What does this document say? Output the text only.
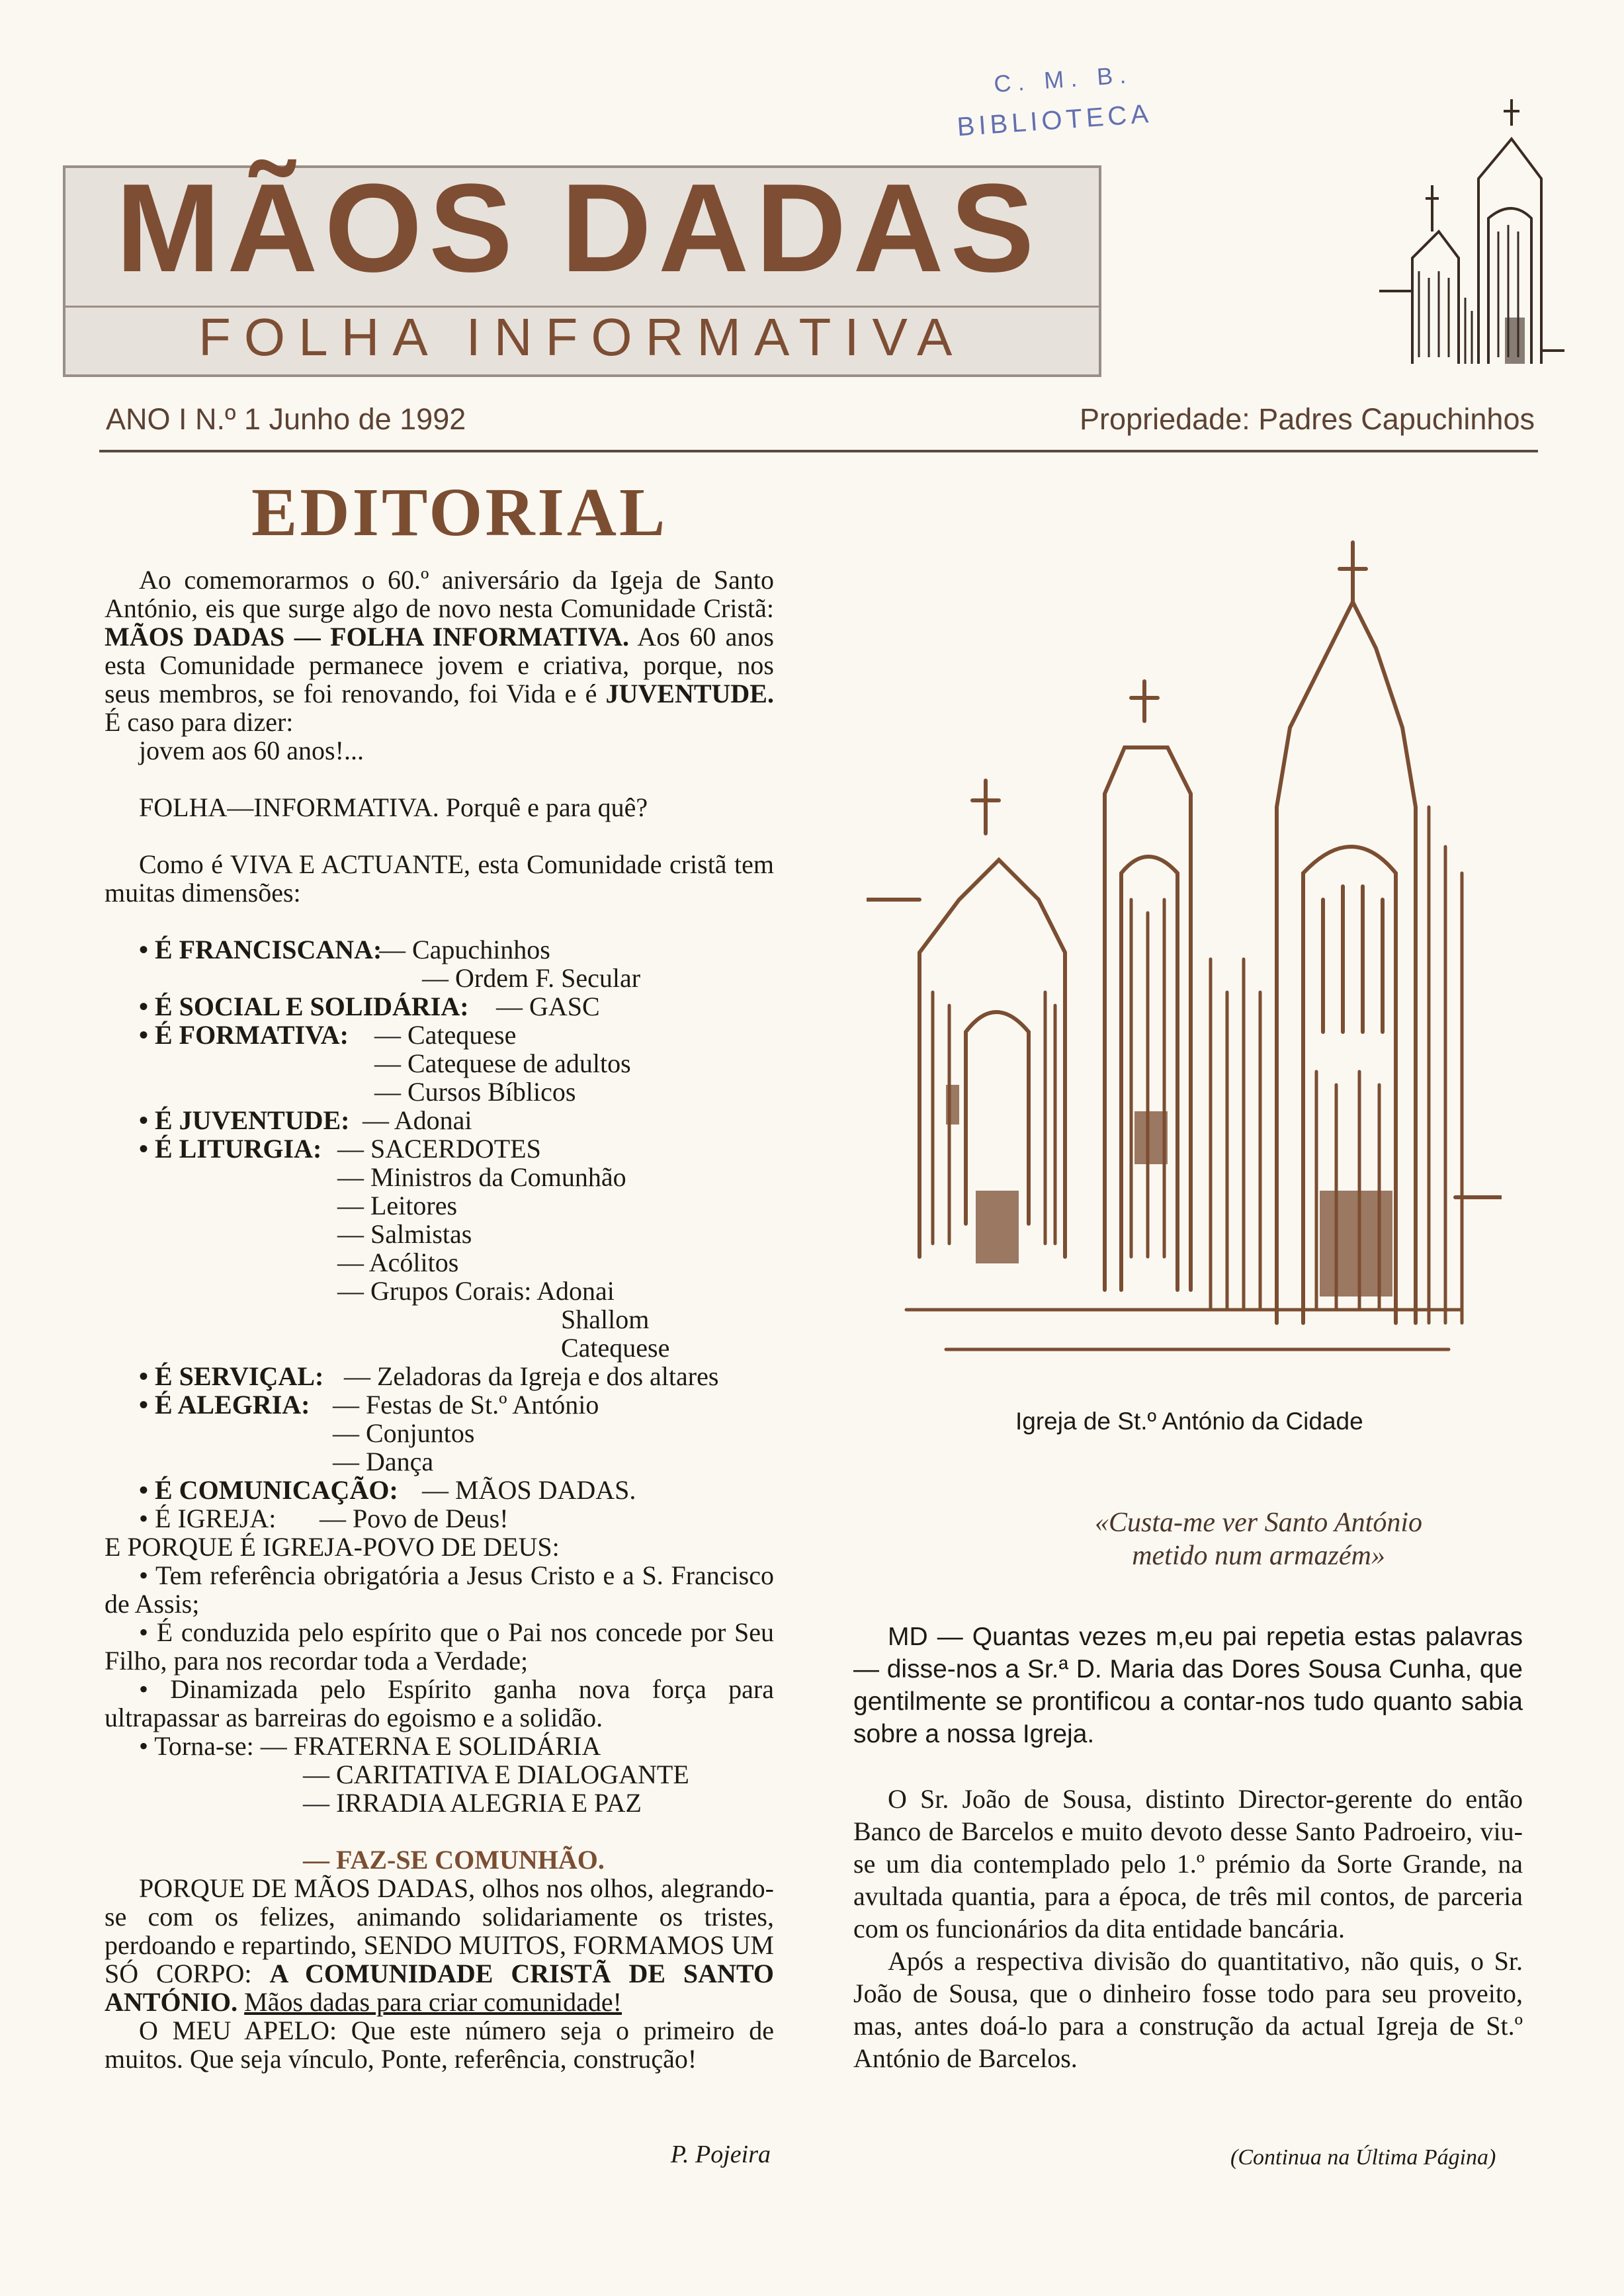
C. M. B.
BIBLIOTECA
MÃOS DADAS
FOLHA INFORMATIVA
ANO I N.º 1 Junho de 1992	Propriedade: Padres Capuchinhos
EDITORIAL

Ao comemorarmos o 60.º aniversário da Igeja de Santo António, eis que surge algo de novo nesta Comunidade Cristã: MÃOS DADAS — FOLHA INFORMATIVA. Aos 60 anos esta Comunidade permanece jovem e criativa, porque, nos seus membros, se foi renovando, foi Vida e é JUVENTUDE. É caso para dizer:

jovem aos 60 anos!...

FOLHA—INFORMATIVA. Porquê e para quê?

Como é VIVA E ACTUANTE, esta Comunidade cristã tem muitas dimensões:

• É FRANCISCANA:
— Capuchinhos
— Ordem F. Secular
• É SOCIAL E SOLIDÁRIA: — GASC
• É FORMATIVA: — Catequese
— Catequese de adultos
— Cursos Bíblicos
• É JUVENTUDE: — Adonai
• É LITURGIA: — SACERDOTES
— Ministros da Comunhão
— Leitores
— Salmistas
— Acólitos
— Grupos Corais: Adonai
Shallom
Catequese
• É SERVIÇAL: — Zeladoras da Igreja e dos altares
• É ALEGRIA: — Festas de St.º António
— Conjuntos
— Dança
• É COMUNICAÇÃO: — MÃOS DADAS.
• É IGREJA: — Povo de Deus!

E PORQUE É IGREJA-POVO DE DEUS:

• Tem referência obrigatória a Jesus Cristo e a S. Francisco de Assis;

• É conduzida pelo espírito que o Pai nos concede por Seu Filho, para nos recordar toda a Verdade;

• Dinamizada pelo Espírito ganha nova força para ultrapassar as barreiras do egoismo e a solidão.

• Torna-se: — FRATERNA E SOLIDÁRIA
— CARITATIVA E DIALOGANTE
— IRRADIA ALEGRIA E PAZ

— FAZ-SE COMUNHÃO.

PORQUE DE MÃOS DADAS, olhos nos olhos, alegrando-se com os felizes, animando solidariamente os tristes, perdoando e repartindo, SENDO MUITOS, FORMAMOS UM SÓ CORPO: A COMUNIDADE CRISTÃ DE SANTO ANTÓNIO. Mãos dadas para criar comunidade!

O MEU APELO: Que este número seja o primeiro de muitos. Que seja vínculo, Ponte, referência, construção!

P. Pojeira
Igreja de St.º António da Cidade
«Custa-me ver Santo António
metido num armazém»

MD — Quantas vezes m,eu pai repetia estas palavras — disse-nos a Sr.ª D. Maria das Dores Sousa Cunha, que gentilmente se prontificou a contar-nos tudo quanto sabia sobre a nossa Igreja.

O Sr. João de Sousa, distinto Director-gerente do então Banco de Barcelos e muito devoto desse Santo Padroeiro, viu-se um dia contemplado pelo 1.º prémio da Sorte Grande, na avultada quantia, para a época, de três mil contos, de parceria com os funcionários da dita entidade bancária.

Após a respectiva divisão do quantitativo, não quis, o Sr. João de Sousa, que o dinheiro fosse todo para seu proveito, mas, antes doá-lo para a construção da actual Igreja de St.º António de Barcelos.

(Continua na Última Página)
